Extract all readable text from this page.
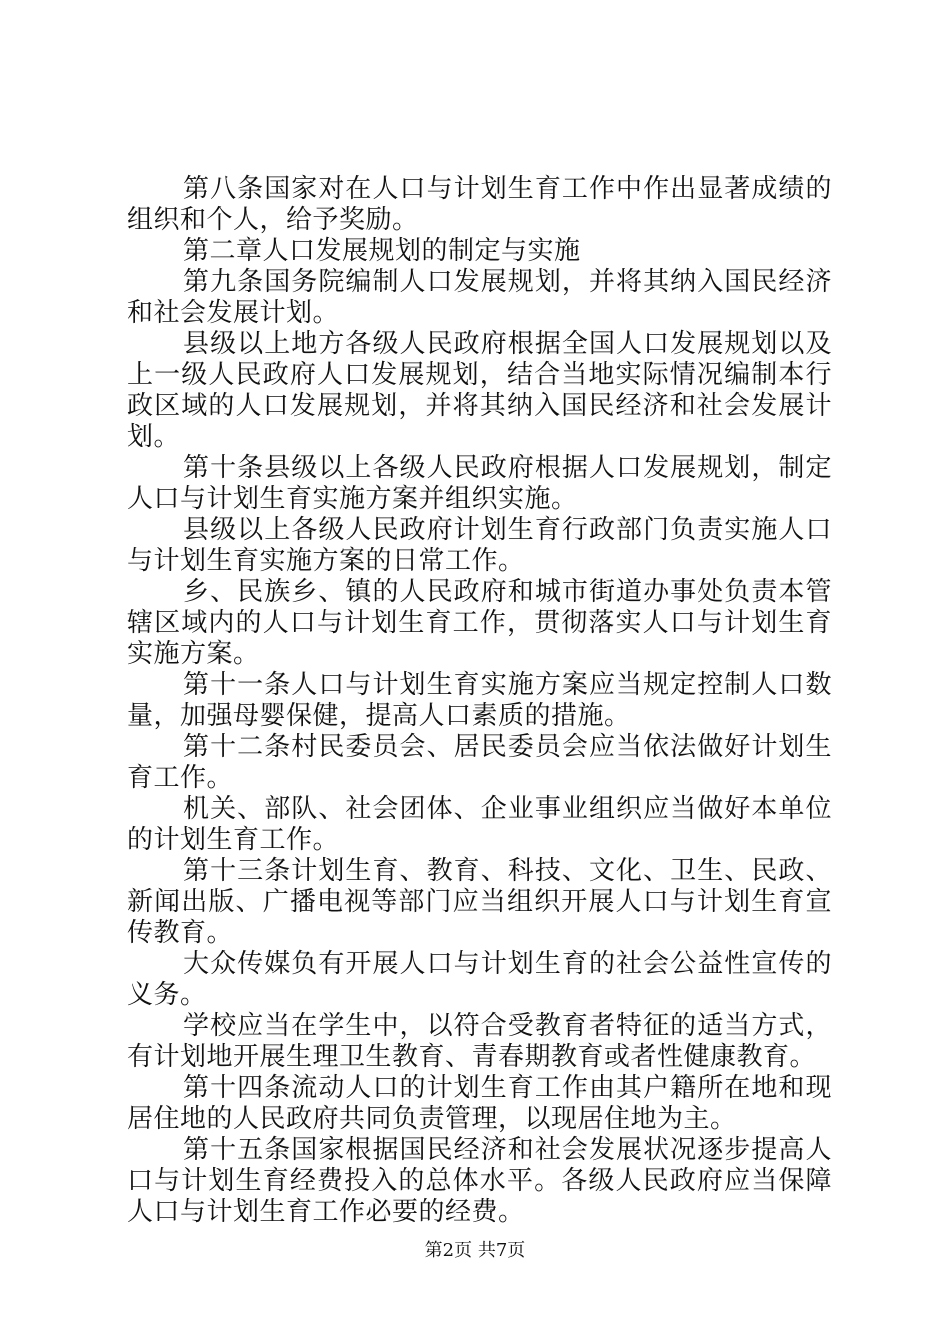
第八条国家对在人口与计划生育工作中作出显著成绩的组织和个人，给予奖励。

第二章人口发展规划的制定与实施

第九条国务院编制人口发展规划，并将其纳入国民经济和社会发展计划。

县级以上地方各级人民政府根据全国人口发展规划以及上一级人民政府人口发展规划，结合当地实际情况编制本行政区域的人口发展规划，并将其纳入国民经济和社会发展计划。

第十条县级以上各级人民政府根据人口发展规划，制定人口与计划生育实施方案并组织实施。

县级以上各级人民政府计划生育行政部门负责实施人口与计划生育实施方案的日常工作。

乡、民族乡、镇的人民政府和城市街道办事处负责本管辖区域内的人口与计划生育工作，贯彻落实人口与计划生育实施方案。

第十一条人口与计划生育实施方案应当规定控制人口数量，加强母婴保健，提高人口素质的措施。

第十二条村民委员会、居民委员会应当依法做好计划生育工作。

机关、部队、社会团体、企业事业组织应当做好本单位的计划生育工作。

第十三条计划生育、教育、科技、文化、卫生、民政、新闻出版、广播电视等部门应当组织开展人口与计划生育宣传教育。

大众传媒负有开展人口与计划生育的社会公益性宣传的义务。

学校应当在学生中，以符合受教育者特征的适当方式，有计划地开展生理卫生教育、青春期教育或者性健康教育。

第十四条流动人口的计划生育工作由其户籍所在地和现居住地的人民政府共同负责管理，以现居住地为主。

第十五条国家根据国民经济和社会发展状况逐步提高人口与计划生育经费投入的总体水平。各级人民政府应当保障人口与计划生育工作必要的经费。

第2页 共7页
